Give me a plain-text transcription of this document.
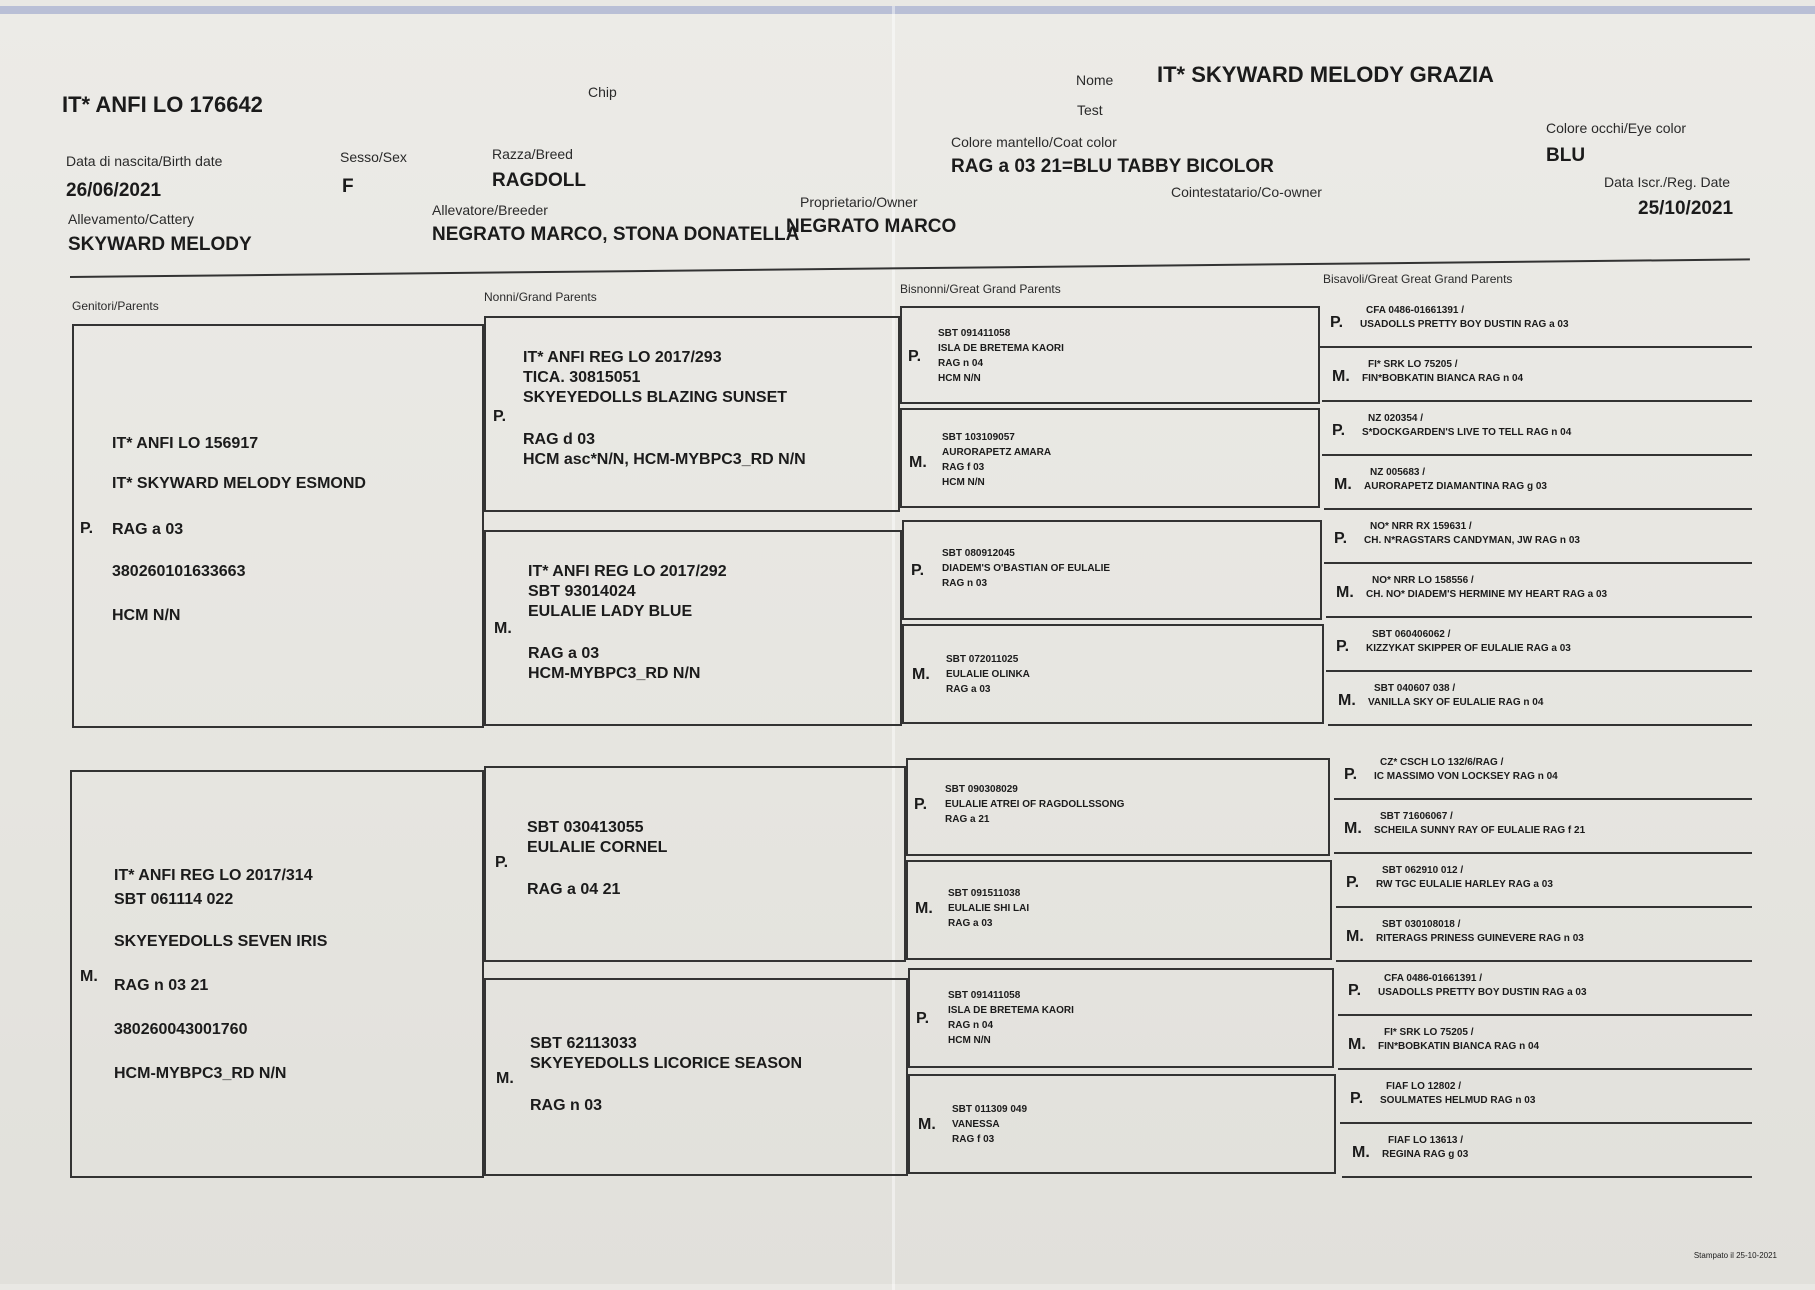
IT* ANFI LO 176642	Chip
Nome IT* SKYWARD MELODY GRAZIA
Test
Data di nascita/Birth date
26/06/2021
Sesso/Sex
F
Razza/Breed
RAGDOLL
Colore mantello/Coat color
RAG a 03 21=BLU TABBY BICOLOR
Colore occhi/Eye color
BLU
Allevamento/Cattery
SKYWARD MELODY
Allevatore/Breeder
NEGRATO MARCO, STONA DONATELLA
Proprietario/Owner
NEGRATO MARCO
Cointestatario/Co-owner
Data Iscr./Reg. Date
25/10/2021
Genitori/Parents
Nonni/Grand Parents
Bisnonni/Great Grand Parents
Bisavoli/Great Great Grand Parents
P.
IT* ANFI LO 156917
IT* SKYWARD MELODY ESMOND
RAG a 03
380260101633663
HCM N/N
M.
IT* ANFI REG LO 2017/314
SBT 061114 022
SKYEYEDOLLS SEVEN IRIS
RAG n 03 21
380260043001760
HCM-MYBPC3_RD N/N
P.
IT* ANFI REG LO 2017/293
TICA. 30815051
SKYEYEDOLLS BLAZING SUNSET
RAG d 03
HCM asc*N/N, HCM-MYBPC3_RD N/N
M.
IT* ANFI REG LO 2017/292
SBT 93014024
EULALIE LADY BLUE
RAG a 03
HCM-MYBPC3_RD N/N
P.
SBT 030413055
EULALIE CORNEL
RAG a 04 21
M.
SBT 62113033
SKYEYEDOLLS LICORICE SEASON
RAG n 03
P.
SBT 091411058
ISLA DE BRETEMA KAORI
RAG n 04
HCM N/N
M.
SBT 103109057
AURORAPETZ AMARA
RAG f 03
HCM N/N
P.
SBT 080912045
DIADEM'S O'BASTIAN OF EULALIE
RAG n 03
M.
SBT 072011025
EULALIE OLINKA
RAG a 03
P.
SBT 090308029
EULALIE ATREI OF RAGDOLLSSONG
RAG a 21
M.
SBT 091511038
EULALIE SHI LAI
RAG a 03
P.
SBT 091411058
ISLA DE BRETEMA KAORI
RAG n 04
HCM N/N
M.
SBT 011309 049
VANESSA
RAG f 03
P.
CFA 0486-01661391 /
USADOLLS PRETTY BOY DUSTIN RAG a 03
M.
FI* SRK LO 75205 /
FIN*BOBKATIN BIANCA RAG n 04
P.
NZ 020354 /
S*DOCKGARDEN'S LIVE TO TELL RAG n 04
M.
NZ 005683 /
AURORAPETZ DIAMANTINA RAG g 03
P.
NO* NRR RX 159631 /
CH. N*RAGSTARS CANDYMAN, JW RAG n 03
M.
NO* NRR LO 158556 /
CH. NO* DIADEM'S HERMINE MY HEART RAG a 03
P.
SBT 060406062 /
KIZZYKAT SKIPPER OF EULALIE RAG a 03
M.
SBT 040607 038 /
VANILLA SKY OF EULALIE RAG n 04
P.
CZ* CSCH LO 132/6/RAG /
IC MASSIMO VON LOCKSEY RAG n 04
M.
SBT 71606067 /
SCHEILA SUNNY RAY OF EULALIE RAG f 21
P.
SBT 062910 012 /
RW TGC EULALIE HARLEY RAG a 03
M.
SBT 030108018 /
RITERAGS PRINESS GUINEVERE RAG n 03
P.
CFA 0486-01661391 /
USADOLLS PRETTY BOY DUSTIN RAG a 03
M.
FI* SRK LO 75205 /
FIN*BOBKATIN BIANCA RAG n 04
P.
FIAF LO 12802 /
SOULMATES HELMUD RAG n 03
M.
FIAF LO 13613 /
REGINA RAG g 03
Stampato il 25-10-2021
